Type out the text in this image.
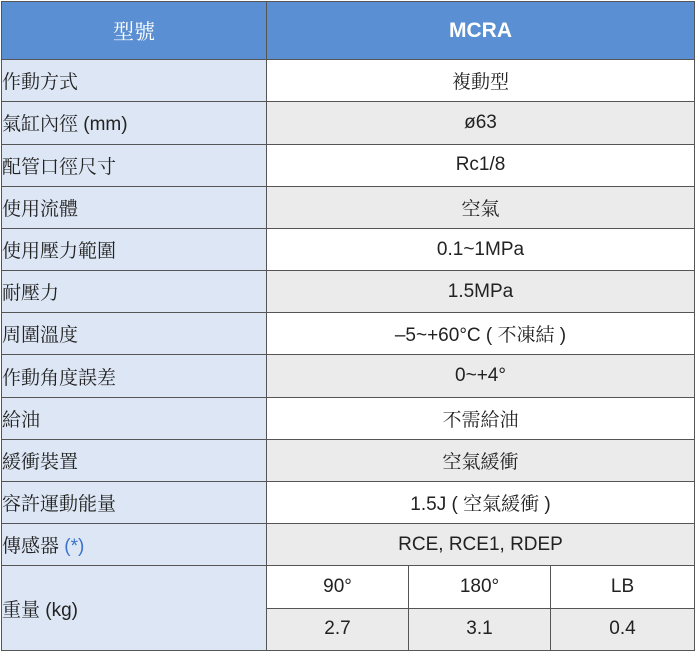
型號	MCRA		
作動方式	複動型		
氣缸內徑 (mm)	ø63		
配管口徑尺寸	Rc1/8		
使用流體	空氣		
使用壓力範圍	0.1~1MPa		
耐壓力	1.5MPa		
周圍溫度	–5~+60°C ( 不凍結 )		
作動角度誤差	0~+4°		
給油	不需給油		
緩衝裝置	空氣緩衝		
容許運動能量	1.5J ( 空氣緩衝 )		
傳感器 (*)	RCE, RCE1, RDEP		
重量 (kg)	90°	180°	LB
	2.7	3.1	0.4
